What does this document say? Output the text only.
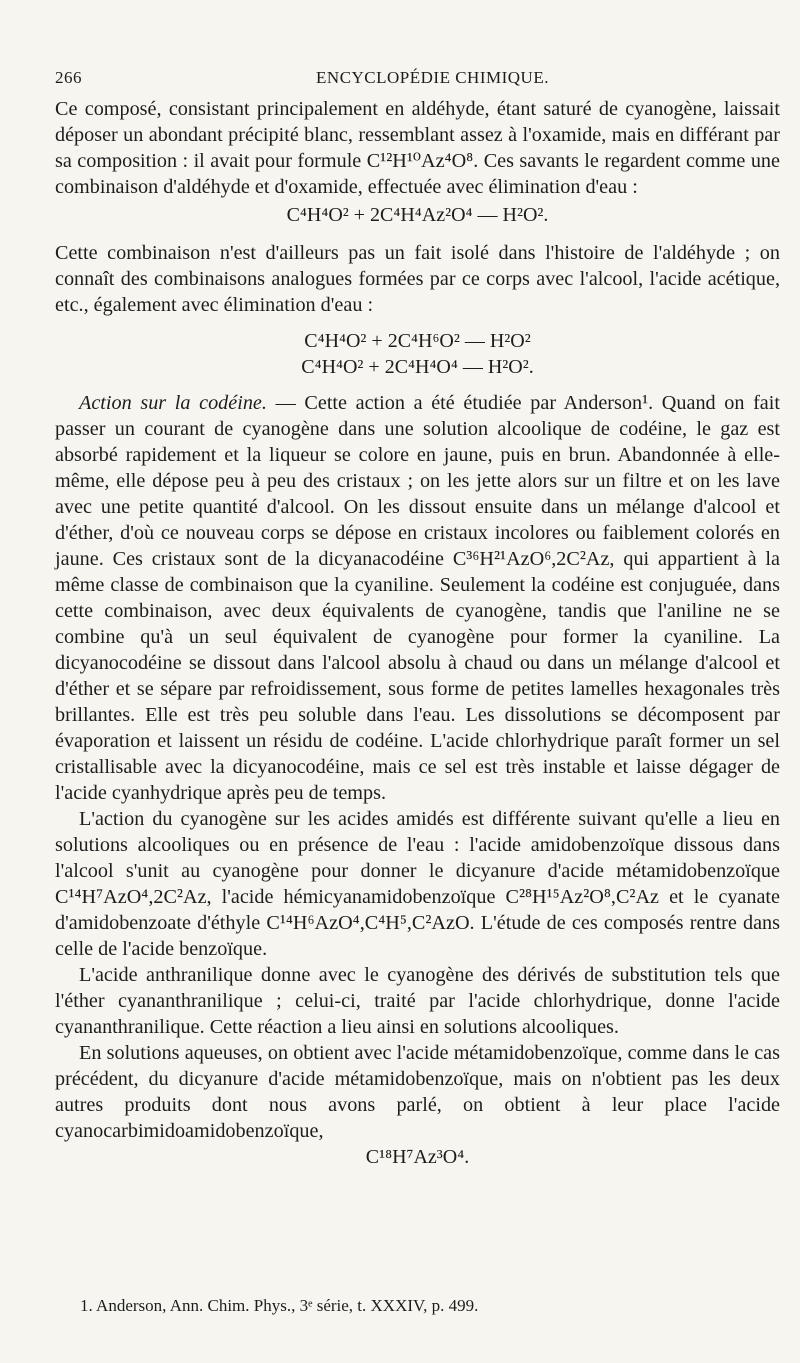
266	ENCYCLOPÉDIE CHIMIQUE.

Ce composé, consistant principalement en aldéhyde, étant saturé de cyanogène, laissait déposer un abondant précipité blanc, ressemblant assez à l'oxamide, mais en différant par sa composition : il avait pour formule C¹²H¹⁰Az⁴O⁸. Ces savants le regardent comme une combinaison d'aldéhyde et d'oxamide, effectuée avec élimination d'eau :

C⁴H⁴O² + 2C⁴H⁴Az²O⁴ — H²O².

Cette combinaison n'est d'ailleurs pas un fait isolé dans l'histoire de l'aldéhyde ; on connaît des combinaisons analogues formées par ce corps avec l'alcool, l'acide acétique, etc., également avec élimination d'eau :

C⁴H⁴O² + 2C⁴H⁶O² — H²O²

C⁴H⁴O² + 2C⁴H⁴O⁴ — H²O².

Action sur la codéine. — Cette action a été étudiée par Anderson¹. Quand on fait passer un courant de cyanogène dans une solution alcoolique de codéine, le gaz est absorbé rapidement et la liqueur se colore en jaune, puis en brun. Abandonnée à elle-même, elle dépose peu à peu des cristaux ; on les jette alors sur un filtre et on les lave avec une petite quantité d'alcool. On les dissout ensuite dans un mélange d'alcool et d'éther, d'où ce nouveau corps se dépose en cristaux incolores ou faiblement colorés en jaune. Ces cristaux sont de la dicyanacodéine C³⁶H²¹AzO⁶,2C²Az, qui appartient à la même classe de combinaison que la cyaniline. Seulement la codéine est conjuguée, dans cette combinaison, avec deux équivalents de cyanogène, tandis que l'aniline ne se combine qu'à un seul équivalent de cyanogène pour former la cyaniline. La dicyanocodéine se dissout dans l'alcool absolu à chaud ou dans un mélange d'alcool et d'éther et se sépare par refroidissement, sous forme de petites lamelles hexagonales très brillantes. Elle est très peu soluble dans l'eau. Les dissolutions se décomposent par évaporation et laissent un résidu de codéine. L'acide chlorhydrique paraît former un sel cristallisable avec la dicyanocodéine, mais ce sel est très instable et laisse dégager de l'acide cyanhydrique après peu de temps.

L'action du cyanogène sur les acides amidés est différente suivant qu'elle a lieu en solutions alcooliques ou en présence de l'eau : l'acide amidobenzoïque dissous dans l'alcool s'unit au cyanogène pour donner le dicyanure d'acide métamidobenzoïque C¹⁴H⁷AzO⁴,2C²Az, l'acide hémicyanamidobenzoïque C²⁸H¹⁵Az²O⁸,C²Az et le cyanate d'amidobenzoate d'éthyle C¹⁴H⁶AzO⁴,C⁴H⁵,C²AzO. L'étude de ces composés rentre dans celle de l'acide benzoïque.

L'acide anthranilique donne avec le cyanogène des dérivés de substitution tels que l'éther cyananthranilique ; celui-ci, traité par l'acide chlorhydrique, donne l'acide cyananthranilique. Cette réaction a lieu ainsi en solutions alcooliques.

En solutions aqueuses, on obtient avec l'acide métamidobenzoïque, comme dans le cas précédent, du dicyanure d'acide métamidobenzoïque, mais on n'obtient pas les deux autres produits dont nous avons parlé, on obtient à leur place l'acide cyanocarbimidoamidobenzoïque,

C¹⁸H⁷Az³O⁴.

1. Anderson, Ann. Chim. Phys., 3ᵉ série, t. XXXIV, p. 499.
